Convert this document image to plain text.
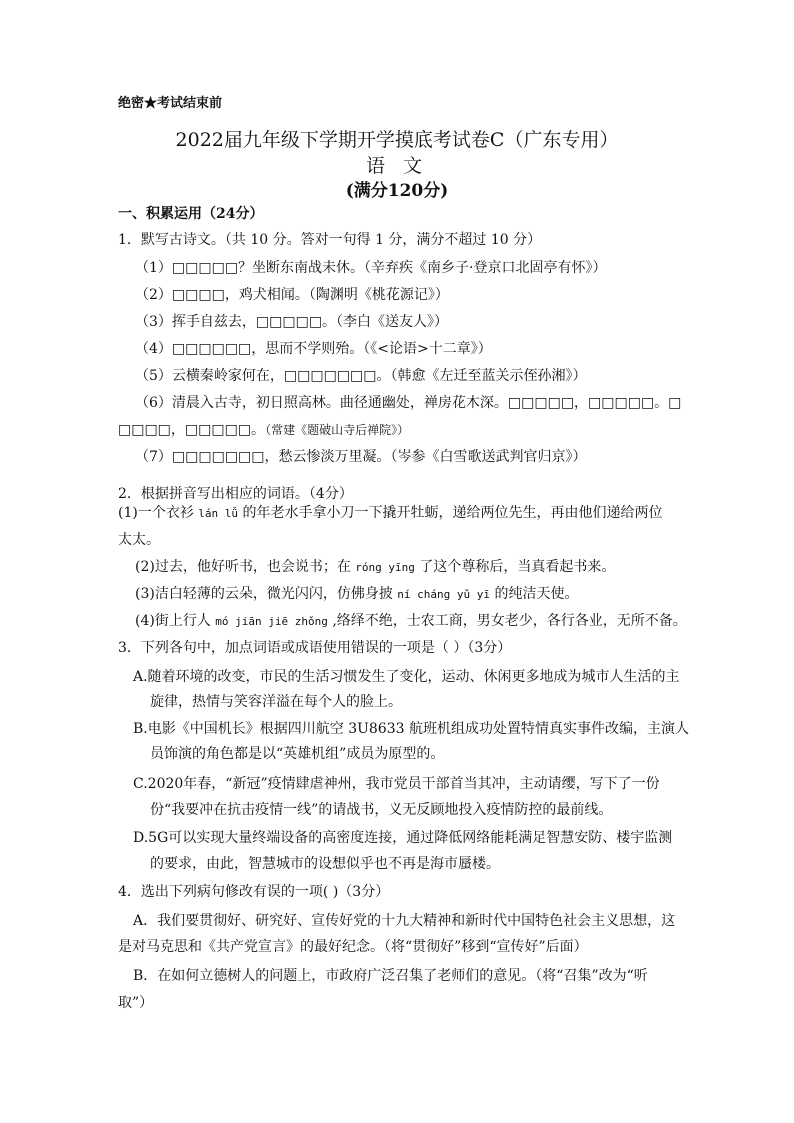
绝密★考试结束前
2022届九年级下学期开学摸底考试卷C（广东专用）
语 文
(满分120分)
一、积累运用（24分）
1．默写古诗文。（共 10 分。答对一句得 1 分，满分不超过 10 分）
（1）□□□□□？坐断东南战未休。（辛弃疾《南乡子·登京口北固亭有怀》）
（2）□□□□，鸡犬相闻。（陶渊明《桃花源记》）
（3）挥手自兹去，□□□□□。（李白《送友人》）
（4）□□□□□□，思而不学则殆。（《<论语>十二章》）
（5）云横秦岭家何在，□□□□□□□。（韩愈《左迁至蓝关示侄孙湘》）
（6）清晨入古寺，初日照高林。曲径通幽处，禅房花木深。□□□□□，□□□□□。□
□□□□，□□□□□。（常建《题破山寺后禅院》）
（7）□□□□□□□，愁云惨淡万里凝。（岑参《白雪歌送武判官归京》）
2．根据拼音写出相应的词语。（4分）
(1)一个衣衫 lán lǚ 的年老水手拿小刀一下撬开牡蛎，递给两位先生，再由他们递给两位
太太。
(2)过去，他好听书，也会说书；在 róng yīng 了这个尊称后，当真看起书来。
(3)洁白轻薄的云朵，微光闪闪，仿佛身披 ní cháng yǔ yī 的纯洁天使。
(4)街上行人 mó jiān jiē zhǒng ,络绎不绝，士农工商，男女老少，各行各业，无所不备。
3．下列各句中，加点词语或成语使用错误的一项是（ ）（3分）
A.随着环境的改变，市民的生活习惯发生了变化，运动、休闲更多地成为城市人生活的主
旋律，热情与笑容洋溢在每个人的脸上。
B.电影《中国机长》根据四川航空 3U8633 航班机组成功处置特情真实事件改编，主演人
员饰演的角色都是以“英雄机组”成员为原型的。
C.2020年春，“新冠”疫情肆虐神州，我市党员干部首当其冲，主动请缨，写下了一份
份“我要冲在抗击疫情一线”的请战书，义无反顾地投入疫情防控的最前线。
D.5G可以实现大量终端设备的高密度连接，通过降低网络能耗满足智慧安防、楼宇监测
的要求，由此，智慧城市的设想似乎也不再是海市蜃楼。
4．选出下列病句修改有误的一项( )（3分）
A．我们要贯彻好、研究好、宣传好党的十九大精神和新时代中国特色社会主义思想，这
是对马克思和《共产党宣言》的最好纪念。（将“贯彻好”移到“宣传好”后面）
B．在如何立德树人的问题上，市政府广泛召集了老师们的意见。（将“召集”改为“听
取”）
